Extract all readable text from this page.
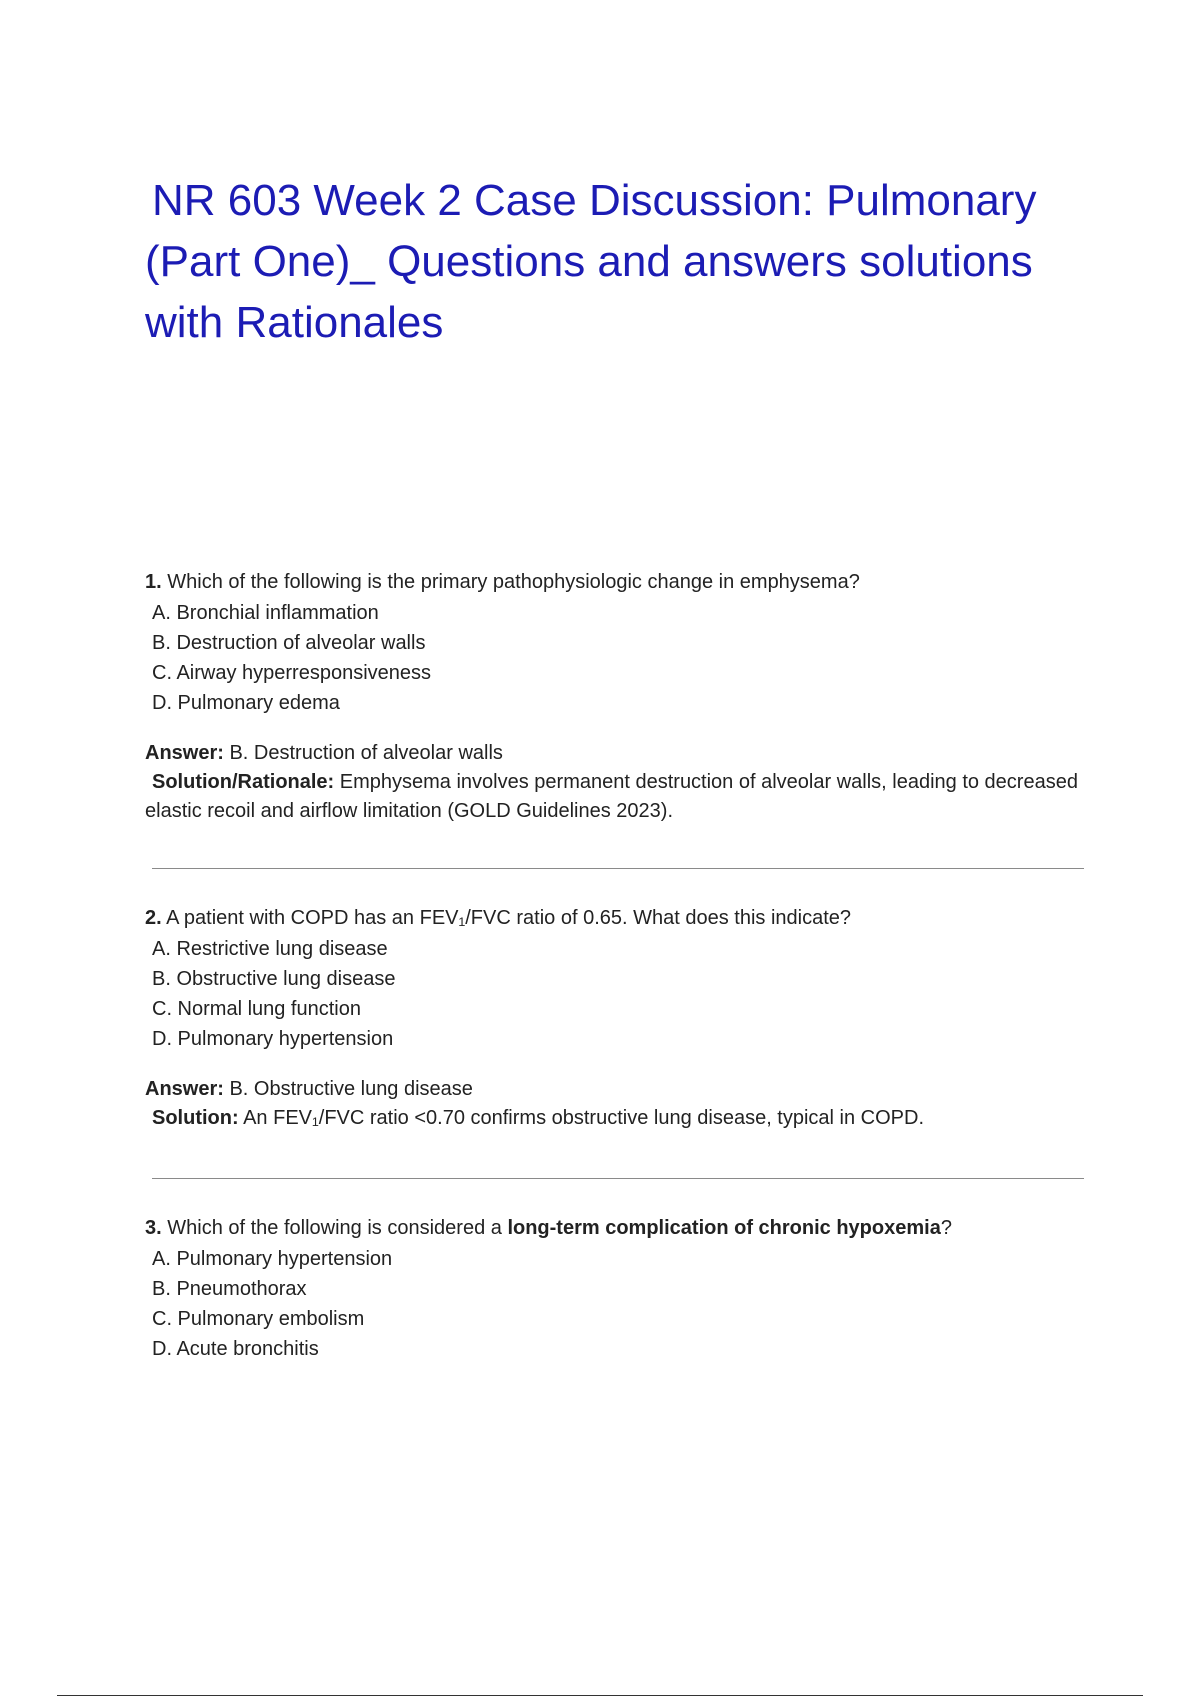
NR 603 Week 2 Case Discussion: Pulmonary
(Part One)_ Questions and answers solutions
with Rationales

1. Which of the following is the primary pathophysiologic change in emphysema?

A. Bronchial inflammation
B. Destruction of alveolar walls
C. Airway hyperresponsiveness
D. Pulmonary edema

Answer: B. Destruction of alveolar walls

Solution/Rationale: Emphysema involves permanent destruction of alveolar walls, leading to decreased elastic recoil and airflow limitation (GOLD Guidelines 2023).

2. A patient with COPD has an FEV₁/FVC ratio of 0.65. What does this indicate?

A. Restrictive lung disease
B. Obstructive lung disease
C. Normal lung function
D. Pulmonary hypertension

Answer: B. Obstructive lung disease

Solution: An FEV₁/FVC ratio <0.70 confirms obstructive lung disease, typical in COPD.

3. Which of the following is considered a long-term complication of chronic hypoxemia?

A. Pulmonary hypertension
B. Pneumothorax
C. Pulmonary embolism
D. Acute bronchitis
